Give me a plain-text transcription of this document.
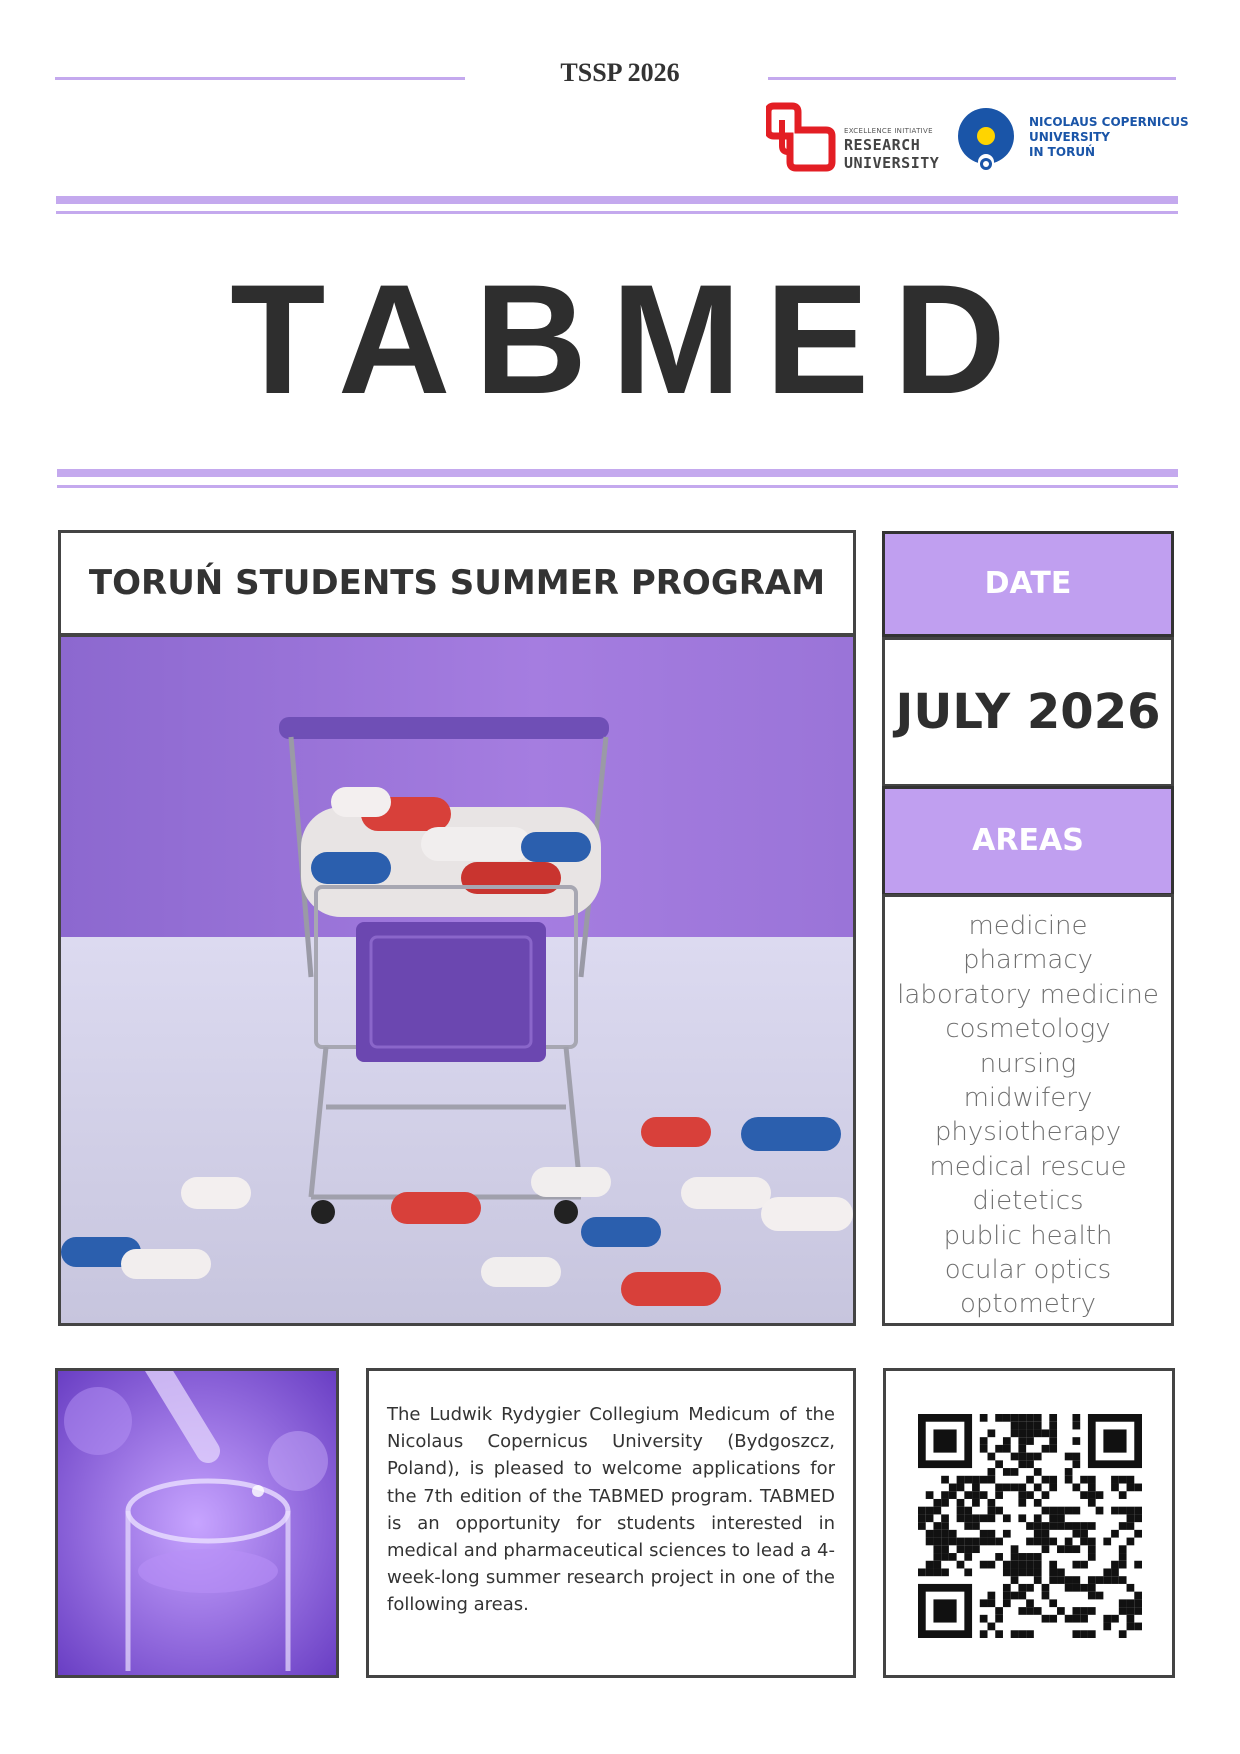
TSSP 2026
EXCELLENCE INITIATIVE
RESEARCH
UNIVERSITY
NICOLAUS COPERNICUS
UNIVERSITY
IN TORUŃ
TABMED
TORUŃ STUDENTS SUMMER PROGRAM	DATE
JULY 2026
AREAS
medicine
pharmacy
laboratory medicine
cosmetology
nursing
midwifery
physiotherapy
medical rescue
dietetics
public health
ocular optics
optometry
The Ludwik Rydygier Collegium Medicum of the Nicolaus Copernicus University (Bydgoszcz, Poland), is pleased to welcome applications for the 7th edition of the TABMED program. TABMED is an opportunity for students interested in medical and pharmaceutical sciences to lead a 4-week-long summer research project in one of the following areas.
